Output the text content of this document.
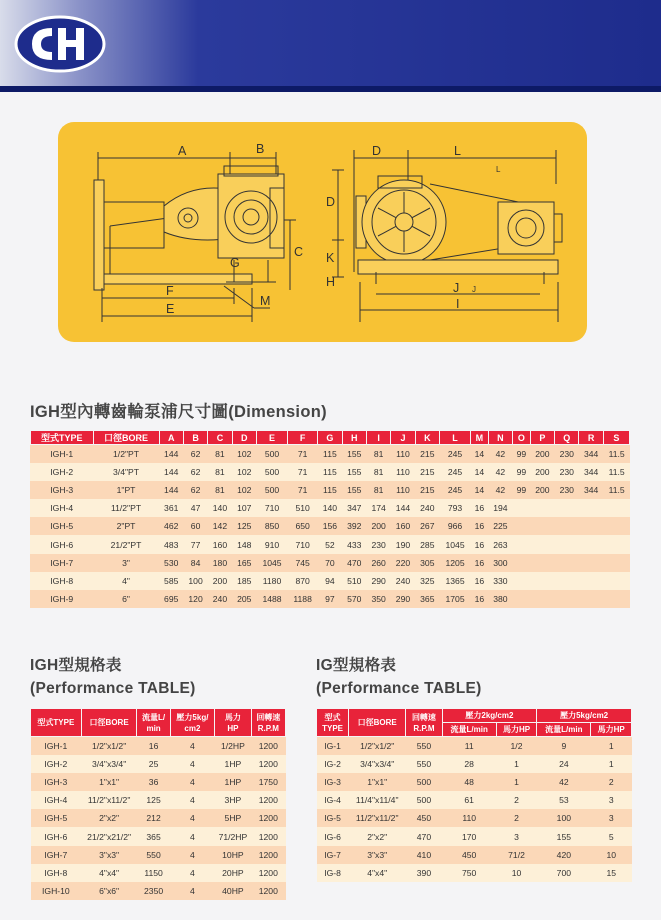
A	B
C
G
F
E
M
D	L
L
D
K
H	J J
I
IGH型內轉齒輪泵浦尺寸圖(Dimension)
型式TYPE	口徑BORE	A	B	C	D	E	F	G	H	I	J	K	L	M	N	O	P	Q	R	S
IGH-1	1/2"PT	144	62	81	102	500	71	115	155	81	110	215	245	14	42	99	200	230	344	11.5
IGH-2	3/4"PT	144	62	81	102	500	71	115	155	81	110	215	245	14	42	99	200	230	344	11.5
IGH-3	1"PT	144	62	81	102	500	71	115	155	81	110	215	245	14	42	99	200	230	344	11.5
IGH-4	11/2"PT	361	47	140	107	710	510	140	347	174	144	240	793	16	194					
IGH-5	2"PT	462	60	142	125	850	650	156	392	200	160	267	966	16	225					
IGH-6	21/2"PT	483	77	160	148	910	710	52	433	230	190	285	1045	16	263					
IGH-7	3"	530	84	180	165	1045	745	70	470	260	220	305	1205	16	300					
IGH-8	4"	585	100	200	185	1180	870	94	510	290	240	325	1365	16	330					
IGH-9	6"	695	120	240	205	1488	1188	97	570	350	290	365	1705	16	380					
IGH型規格表
(Performance TABLE)
型式TYPE	口徑BORE	流量L/
min	壓力5kg/
cm2	馬力
HP	回轉速
R.P.M
IGH-1	1/2"x1/2"	16	4	1/2HP	1200
IGH-2	3/4"x3/4"	25	4	1HP	1200
IGH-3	1"x1"	36	4	1HP	1750
IGH-4	11/2"x11/2"	125	4	3HP	1200
IGH-5	2"x2"	212	4	5HP	1200
IGH-6	21/2"x21/2"	365	4	71/2HP	1200
IGH-7	3"x3"	550	4	10HP	1200
IGH-8	4"x4"	1150	4	20HP	1200
IGH-10	6"x6"	2350	4	40HP	1200
IG型規格表
(Performance TABLE)
型式
TYPE	口徑BORE	回轉速
R.P.M	壓力2kg/cm2		壓力5kg/cm2	
			流量L/min	馬力HP	流量L/min	馬力HP
IG-1	1/2"x1/2"	550	11	1/2	9	1
IG-2	3/4"x3/4"	550	28	1	24	1
IG-3	1"x1"	500	48	1	42	2
IG-4	11/4"x11/4"	500	61	2	53	3
IG-5	11/2"x11/2"	450	110	2	100	3
IG-6	2"x2"	470	170	3	155	5
IG-7	3"x3"	410	450	71/2	420	10
IG-8	4"x4"	390	750	10	700	15
